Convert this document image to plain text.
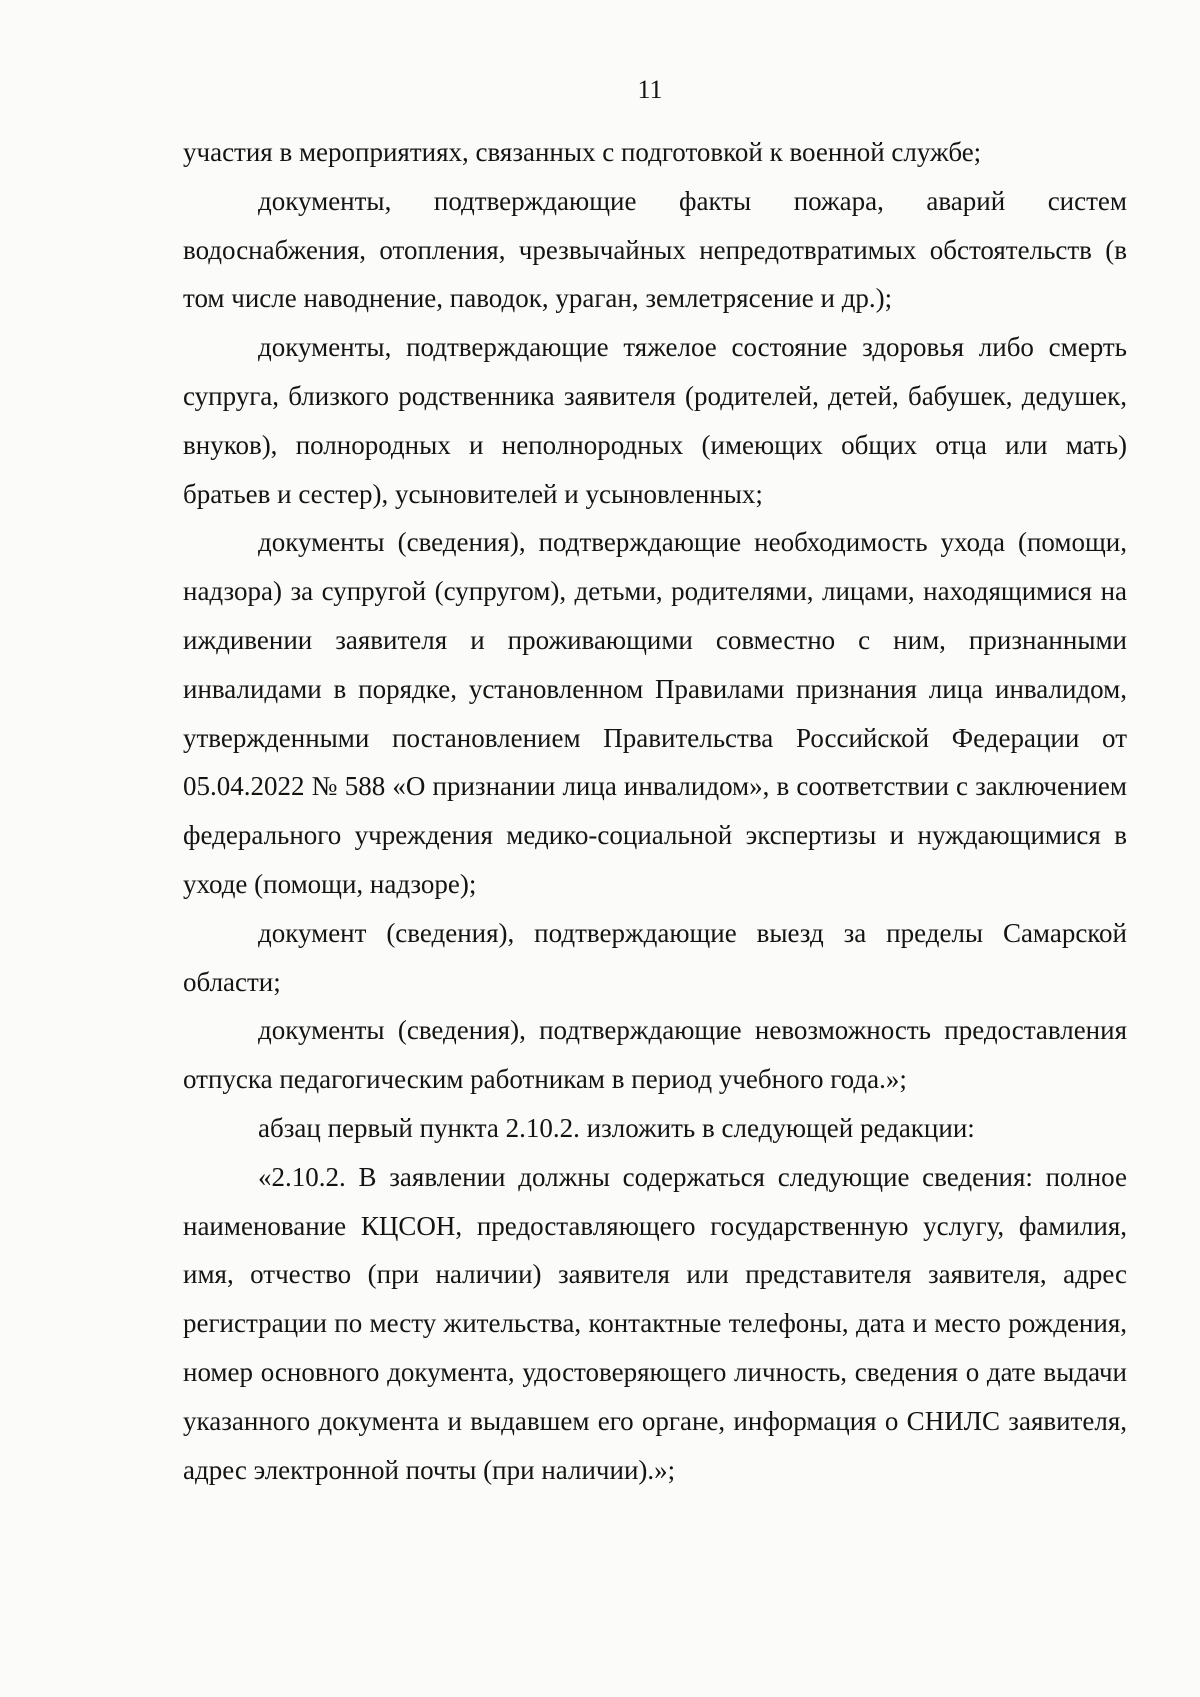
11

участия в мероприятиях, связанных с подготовкой к военной службе;

документы, подтверждающие факты пожара, аварий систем водоснабжения, отопления, чрезвычайных непредотвратимых обстоятельств (в том числе наводнение, паводок, ураган, землетрясение и др.);

документы, подтверждающие тяжелое состояние здоровья либо смерть супруга, близкого родственника заявителя (родителей, детей, бабушек, дедушек, внуков), полнородных и неполнородных (имеющих общих отца или мать) братьев и сестер), усыновителей и усыновленных;

документы (сведения), подтверждающие необходимость ухода (помощи, надзора) за супругой (супругом), детьми, родителями, лицами, находящимися на иждивении заявителя и проживающими совместно с ним, признанными инвалидами в порядке, установленном Правилами признания лица инвалидом, утвержденными постановлением Правительства Российской Федерации от 05.04.2022 № 588 «О признании лица инвалидом», в соответствии с заключением федерального учреждения медико-социальной экспертизы и нуждающимися в уходе (помощи, надзоре);

документ (сведения), подтверждающие выезд за пределы Самарской области;

документы (сведения), подтверждающие невозможность предоставления отпуска педагогическим работникам в период учебного года.»;

абзац первый пункта 2.10.2. изложить в следующей редакции:

«2.10.2. В заявлении должны содержаться следующие сведения: полное наименование КЦСОН, предоставляющего государственную услугу, фамилия, имя, отчество (при наличии) заявителя или представителя заявителя, адрес регистрации по месту жительства, контактные телефоны, дата и место рождения, номер основного документа, удостоверяющего личность, сведения о дате выдачи указанного документа и выдавшем его органе, информация о СНИЛС заявителя, адрес электронной почты (при наличии).»;
